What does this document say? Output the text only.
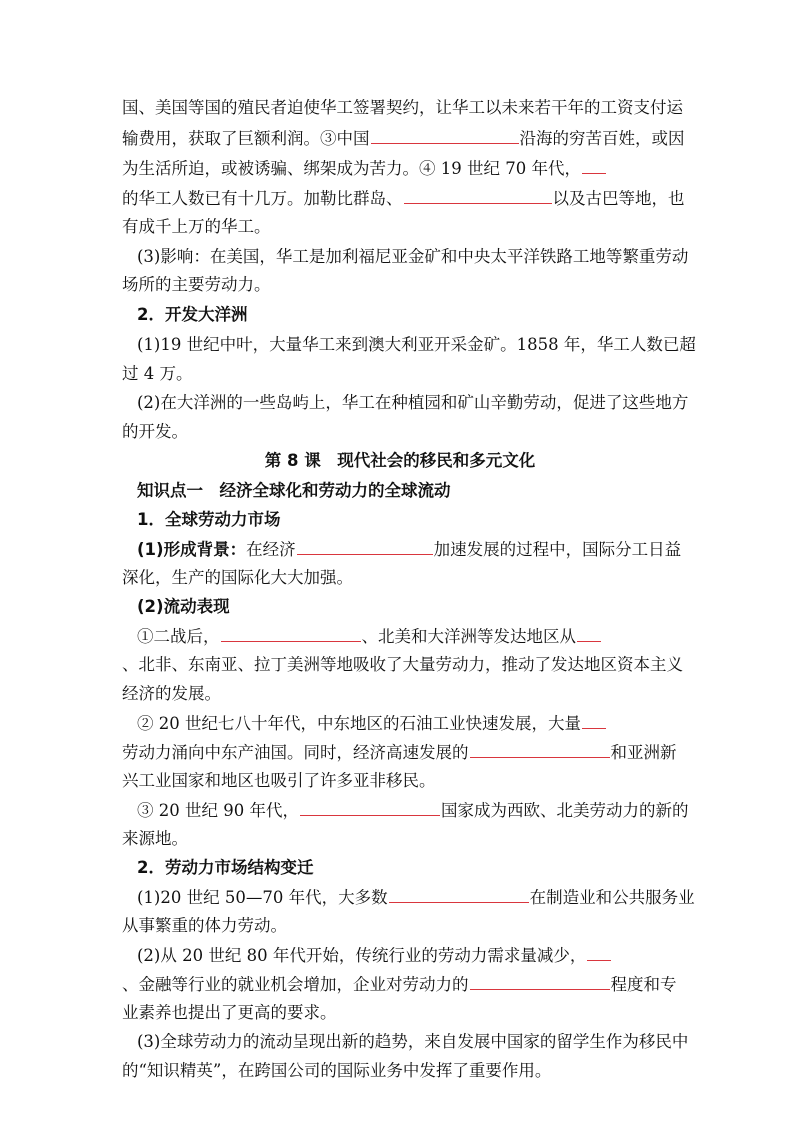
国、美国等国的殖民者迫使华工签署契约，让华工以未来若干年的工资支付运
输费用，获取了巨额利润。③中国	沿海的穷苦百姓，或因
为生活所迫，或被诱骗、绑架成为苦力。④ 19 世纪 70 年代，
的华工人数已有十几万。加勒比群岛、	以及古巴等地，也
有成千上万的华工。
(3)影响：在美国，华工是加利福尼亚金矿和中央太平洋铁路工地等繁重劳动
场所的主要劳动力。
2．开发大洋洲
(1)19 世纪中叶，大量华工来到澳大利亚开采金矿。1858 年，华工人数已超
过 4 万。
(2)在大洋洲的一些岛屿上，华工在种植园和矿山辛勤劳动，促进了这些地方
的开发。
第 8 课　现代社会的移民和多元文化
知识点一　经济全球化和劳动力的全球流动
1．全球劳动力市场
(1)形成背景：在经济	加速发展的过程中，国际分工日益
深化，生产的国际化大大加强。
(2)流动表现
①二战后，	、北美和大洋洲等发达地区从
、北非、东南亚、拉丁美洲等地吸收了大量劳动力，推动了发达地区资本主义
经济的发展。
② 20 世纪七八十年代，中东地区的石油工业快速发展，大量
劳动力涌向中东产油国。同时，经济高速发展的	和亚洲新
兴工业国家和地区也吸引了许多亚非移民。
③ 20 世纪 90 年代，	国家成为西欧、北美劳动力的新的
来源地。
2．劳动力市场结构变迁
(1)20 世纪 50—70 年代，大多数	在制造业和公共服务业
从事繁重的体力劳动。
(2)从 20 世纪 80 年代开始，传统行业的劳动力需求量减少，
、金融等行业的就业机会增加，企业对劳动力的	程度和专
业素养也提出了更高的要求。
(3)全球劳动力的流动呈现出新的趋势，来自发展中国家的留学生作为移民中
的“知识精英”，在跨国公司的国际业务中发挥了重要作用。
